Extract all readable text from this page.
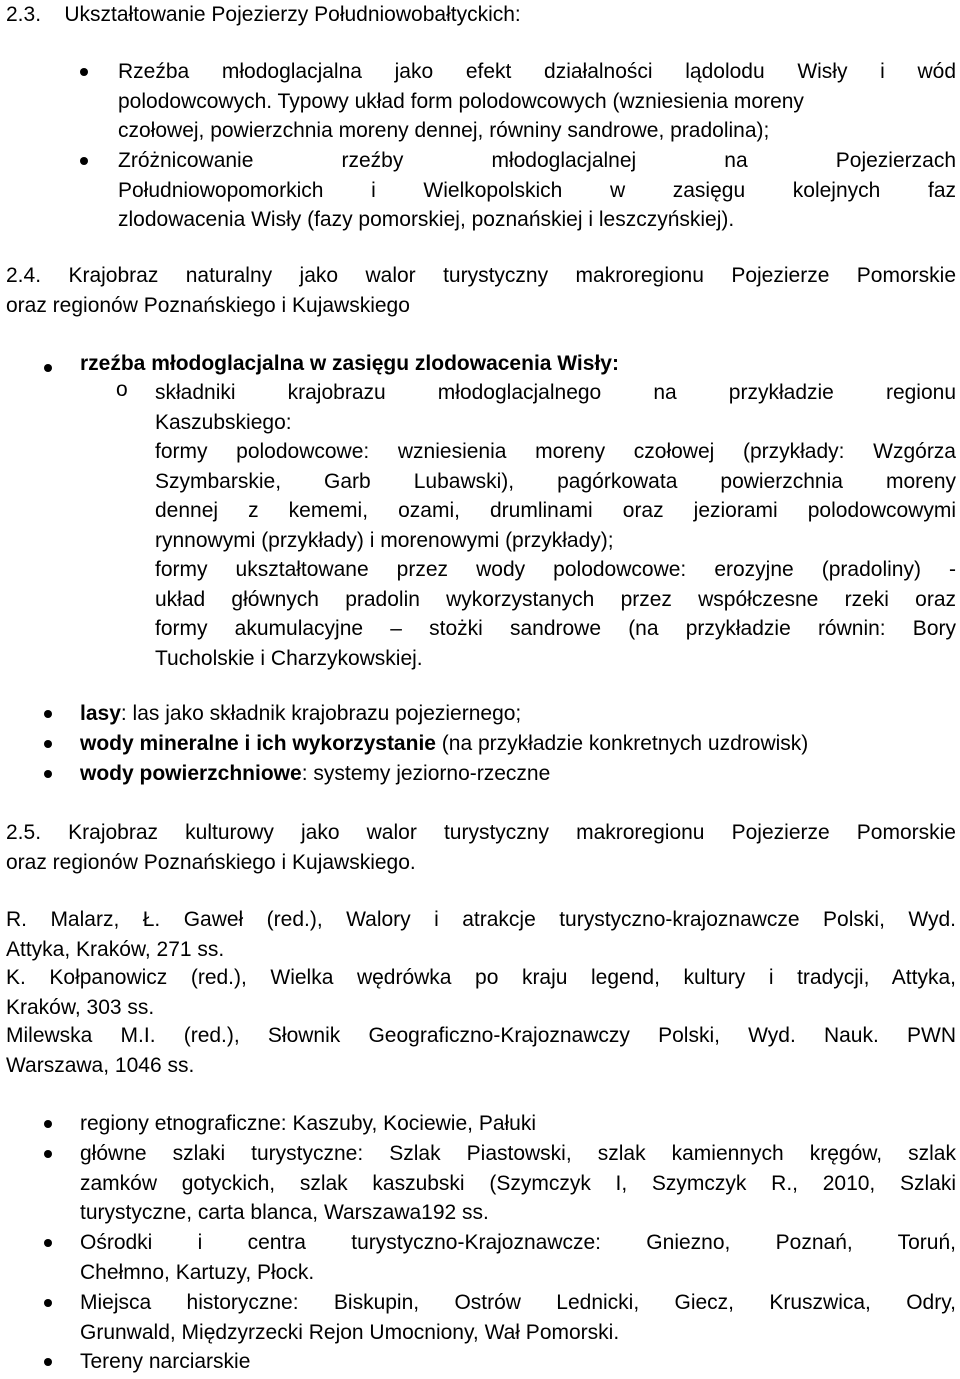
2.3.    Ukształtowanie Pojezierzy Południowobałtyckich:
Rzeźba młodoglacjalna jako efekt działalności lądolodu Wisły i wód
polodowcowych. Typowy układ form polodowcowych (wzniesienia moreny
czołowej, powierzchnia moreny dennej, równiny sandrowe, pradolina);
Zróżnicowanie rzeźby młodoglacjalnej na Pojezierzach
Południowopomorkich i Wielkopolskich w zasięgu kolejnych faz
zlodowacenia Wisły (fazy pomorskiej, poznańskiej i leszczyńskiej).
2.4. Krajobraz naturalny jako walor turystyczny makroregionu Pojezierze Pomorskie
oraz regionów Poznańskiego i Kujawskiego
rzeźba młodoglacjalna w zasięgu zlodowacenia Wisły:
o składniki krajobrazu młodoglacjalnego na przykładzie regionu
Kaszubskiego:
formy polodowcowe: wzniesienia moreny czołowej (przykłady: Wzgórza
Szymbarskie, Garb Lubawski), pagórkowata powierzchnia moreny
dennej z kememi, ozami, drumlinami oraz jeziorami polodowcowymi
rynnowymi (przykłady) i morenowymi (przykłady);
formy ukształtowane przez wody polodowcowe: erozyjne (pradoliny) -
układ głównych pradolin wykorzystanych przez współczesne rzeki oraz
formy akumulacyjne – stożki sandrowe (na przykładzie równin: Bory
Tucholskie i Charzykowskiej.
lasy: las jako składnik krajobrazu pojeziernego;
wody mineralne i ich wykorzystanie (na przykładzie konkretnych uzdrowisk)
wody powierzchniowe: systemy jeziorno-rzeczne
2.5. Krajobraz kulturowy jako walor turystyczny makroregionu Pojezierze Pomorskie
oraz regionów Poznańskiego i Kujawskiego.
R. Malarz, Ł. Gaweł (red.), Walory i atrakcje turystyczno-krajoznawcze Polski, Wyd.
Attyka, Kraków, 271 ss.
K. Kołpanowicz (red.), Wielka wędrówka po kraju legend, kultury i tradycji, Attyka,
Kraków, 303 ss.
Milewska M.I. (red.), Słownik Geograficzno-Krajoznawczy Polski, Wyd. Nauk. PWN
Warszawa, 1046 ss.
regiony etnograficzne: Kaszuby, Kociewie, Pałuki
główne szlaki turystyczne: Szlak Piastowski, szlak kamiennych kręgów, szlak
zamków gotyckich, szlak kaszubski (Szymczyk I, Szymczyk R., 2010, Szlaki
turystyczne, carta blanca, Warszawa192 ss.
Ośrodki i centra turystyczno-Krajoznawcze: Gniezno, Poznań, Toruń,
Chełmno, Kartuzy, Płock.
Miejsca historyczne: Biskupin, Ostrów Lednicki, Giecz, Kruszwica, Odry,
Grunwald, Międzyrzecki Rejon Umocniony, Wał Pomorski.
Tereny narciarskie
